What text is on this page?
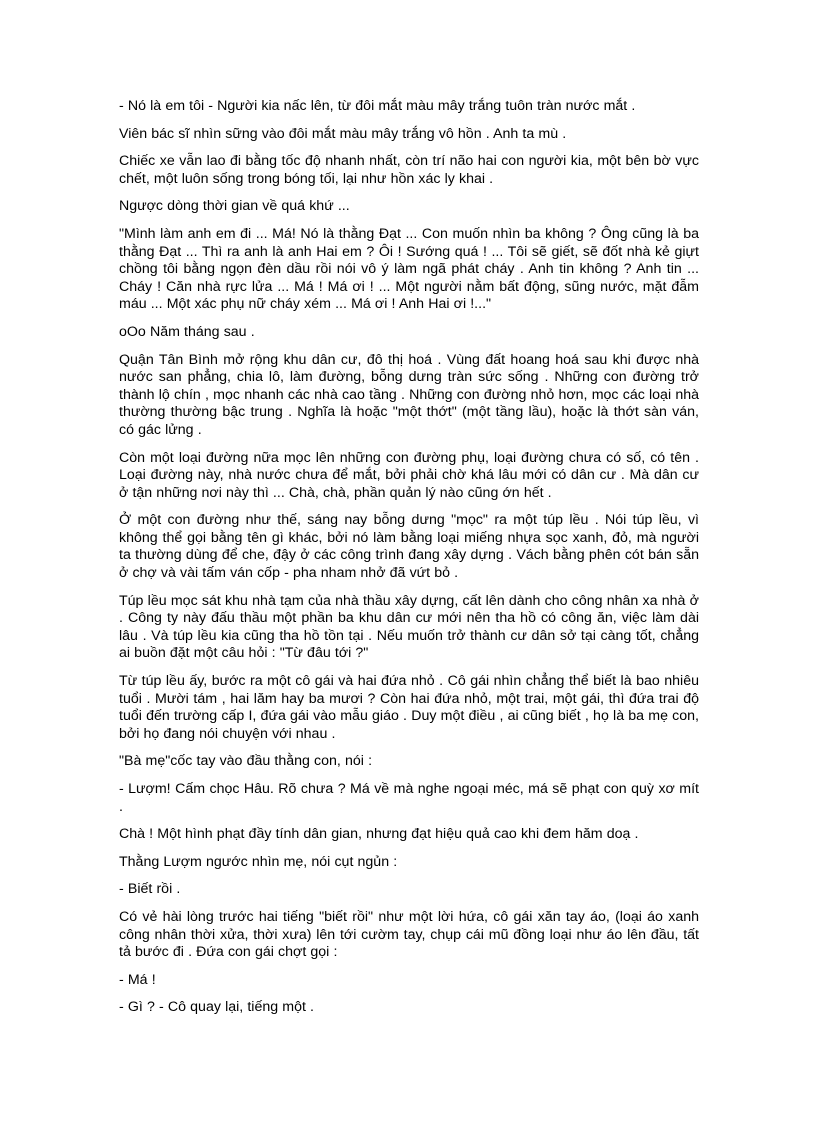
- Nó là em tôi - Người kia nấc lên, từ đôi mắt màu mây trắng tuôn tràn nước mắt .

Viên bác sĩ nhìn sững vào đôi mắt màu mây trắng vô hồn . Anh ta mù .

Chiếc xe vẫn lao đi bằng tốc độ nhanh nhất, còn trí não hai con người kia, một bên bờ vực chết, một luôn sống trong bóng tối, lại như hồn xác ly khai .

Ngược dòng thời gian về quá khứ ...

"Mình làm anh em đi ... Má! Nó là thằng Đạt ... Con muốn nhìn ba không ? Ông cũng là ba thằng Đạt ... Thì ra anh là anh Hai em ? Ôi ! Sướng quá ! ... Tôi sẽ giết, sẽ đốt nhà kẻ giựt chồng tôi bằng ngọn đèn dầu rồi nói vô ý làm ngã phát cháy . Anh tin không ? Anh tin ... Cháy ! Căn nhà rực lửa ... Má ! Má ơi ! ... Một người nằm bất động, sũng nước, mặt đẫm máu ... Một xác phụ nữ cháy xém ... Má ơi ! Anh Hai ơi !..."

oOo Năm tháng sau .

Quận Tân Bình mở rộng khu dân cư, đô thị hoá . Vùng đất hoang hoá sau khi được nhà nước san phẳng, chia lô, làm đường, bỗng dưng tràn sức sống . Những con đường trở thành lộ chín , mọc nhanh các nhà cao tầng . Những con đường nhỏ hơn, mọc các loại nhà thường thường bậc trung . Nghĩa là hoặc "một thớt" (một tầng lầu), hoặc là thớt sàn ván, có gác lửng .

Còn một loại đường nữa mọc lên những con đường phụ, loại đường chưa có số, có tên . Loại đường này, nhà nước chưa để mắt, bởi phải chờ khá lâu mới có dân cư . Mà dân cư ở tận những nơi này thì ... Chà, chà, phần quản lý nào cũng ớn hết .

Ở một con đường như thế, sáng nay bỗng dưng "mọc" ra một túp lều . Nói túp lều, vì không thể gọi bằng tên gì khác, bởi nó làm bằng loại miếng nhựa sọc xanh, đỏ, mà người ta thường dùng để che, đậy ở các công trình đang xây dựng . Vách bằng phên cót bán sẵn ở chợ và vài tấm ván cốp - pha nham nhở đã vứt bỏ .

Túp lều mọc sát khu nhà tạm của nhà thầu xây dựng, cất lên dành cho công nhân xa nhà ở . Công ty này đấu thầu một phần ba khu dân cư mới nên tha hồ có công ăn, việc làm dài lâu . Và túp lều kia cũng tha hồ tồn tại . Nếu muốn trở thành cư dân sở tại càng tốt, chẳng ai buồn đặt một câu hỏi : "Từ đâu tới ?"

Từ túp lều ấy, bước ra một cô gái và hai đứa nhỏ . Cô gái nhìn chẳng thể biết là bao nhiêu tuổi . Mười tám , hai lăm hay ba mươi ? Còn hai đứa nhỏ, một trai, một gái, thì đứa trai độ tuổi đến trường cấp I, đứa gái vào mẫu giáo . Duy một điều , ai cũng biết , họ là ba mẹ con, bởi họ đang nói chuyện với nhau .

"Bà mẹ"cốc tay vào đầu thằng con, nói :

- Lượm! Cấm chọc Hâu. Rõ chưa ? Má về mà nghe ngoại méc, má sẽ phạt con quỳ xơ mít .

Chà ! Một hình phạt đầy tính dân gian, nhưng đạt hiệu quả cao khi đem hăm doạ .

Thằng Lượm ngước nhìn mẹ, nói cụt ngủn :

- Biết rồi .

Có vẻ hài lòng trước hai tiếng "biết rồi" như một lời hứa, cô gái xăn tay áo, (loại áo xanh công nhân thời xửa, thời xưa) lên tới cườm tay, chụp cái mũ đồng loại như áo lên đầu, tất tả bước đi . Đứa con gái chợt gọi :

- Má !

- Gì ? - Cô quay lại, tiếng một .
